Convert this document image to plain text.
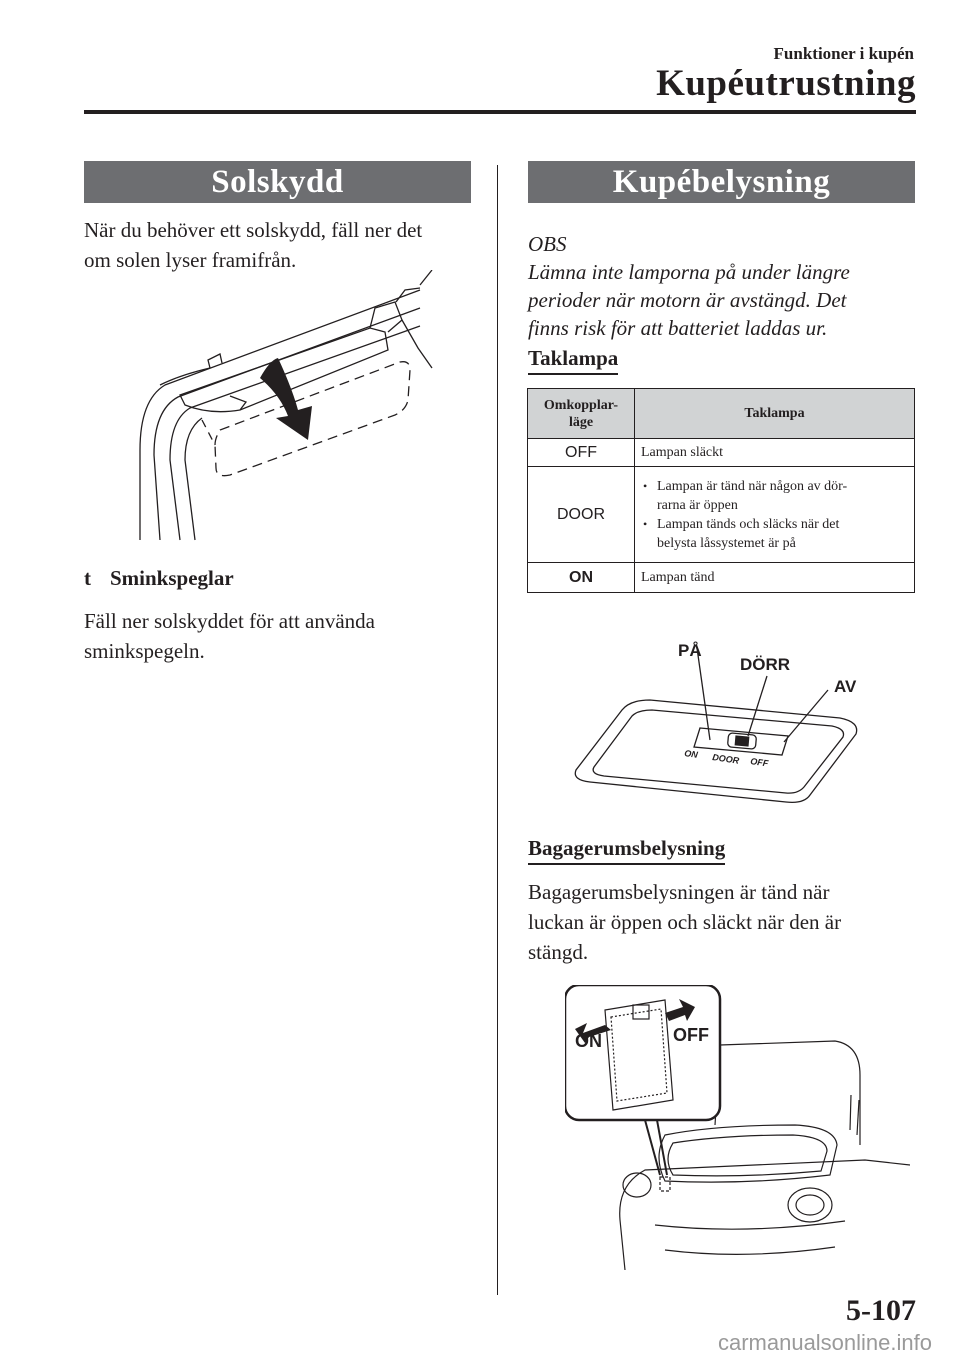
Funktioner i kupén
Kupéutrustning
Solskydd
När du behöver ett solskydd, fäll ner det
om solen lyser framifrån.
t Sminkspeglar
Fäll ner solskyddet för att använda
sminkspegeln.
Kupébelysning
OBS
Lämna inte lamporna på under längre
perioder när motorn är avstängd. Det
finns risk för att batteriet laddas ur.
Taklampa
Omkopplar-
läge	Taklampa
OFF	Lampan släckt
DOOR	• Lampan är tänd när någon av dör-
rarna är öppen
• Lampan tänds och släcks när det
belysta låssystemet är på

ON	Lampan tänd
PÅ
DÖRR
AV
ON DOOR OFF
Bagagerumsbelysning
Bagagerumsbelysningen är tänd när
luckan är öppen och släckt när den är
stängd.
ON	OFF
5-107
carmanualsonline.info
